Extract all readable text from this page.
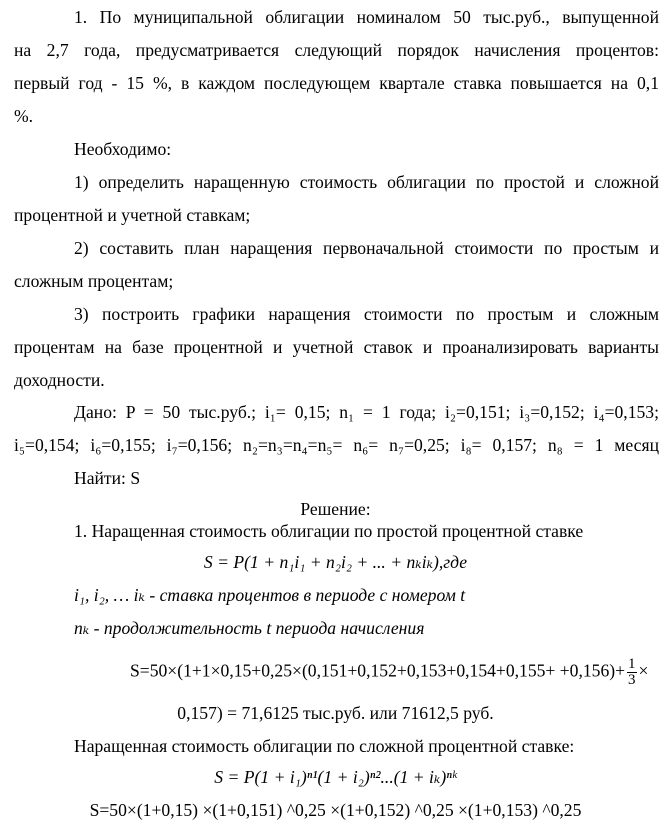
1. По муниципальной облигации номиналом 50 тыс.руб., выпущенной
на 2,7 года, предусматривается следующий порядок начисления процентов:
первый год - 15 %, в каждом последующем квартале ставка повышается на 0,1
%.
Необходимо:
1) определить наращенную стоимость облигации по простой и сложной
процентной и учетной ставкам;
2) составить план наращения первоначальной стоимости по простым и
сложным процентам;
3) построить графики наращения стоимости по простым и сложным
процентам на базе процентной и учетной ставок и проанализировать варианты
доходности.
Дано: P = 50 тыс.руб.; i₁= 0,15; n₁ = 1 года; i₂=0,151; i₃=0,152; i₄=0,153;
i₅=0,154; i₆=0,155; i₇=0,156; n₂=n₃=n₄=n₅= n₆= n₇=0,25; i₈= 0,157; n₈ = 1 месяц
Найти: S
Решение:
1. Наращенная стоимость облигации по простой процентной ставке
S = P(1 + n₁i₁ + n₂i₂ + ... + nₖiₖ),где
i₁, i₂, … iₖ - ставка процентов в периоде с номером t
nₖ - продолжительность t периода начисления
$S=50\times(1+1\times 0,15+0,25\times(0,151+0,152+0,153+0,154+0,155+ +0,156)+ \frac{1}{3}$ ×
0,157) = 71,6125 тыс.руб. или 71612,5 руб.
Наращенная стоимость облигации по сложной процентной ставке:
S = P(1 + i₁)ⁿ¹(1 + i₂)ⁿ²...(1 + iₖ)ⁿᵏ
S=50×(1+0,15) ×(1+0,151) ^0,25 ×(1+0,152) ^0,25 ×(1+0,153) ^0,25
